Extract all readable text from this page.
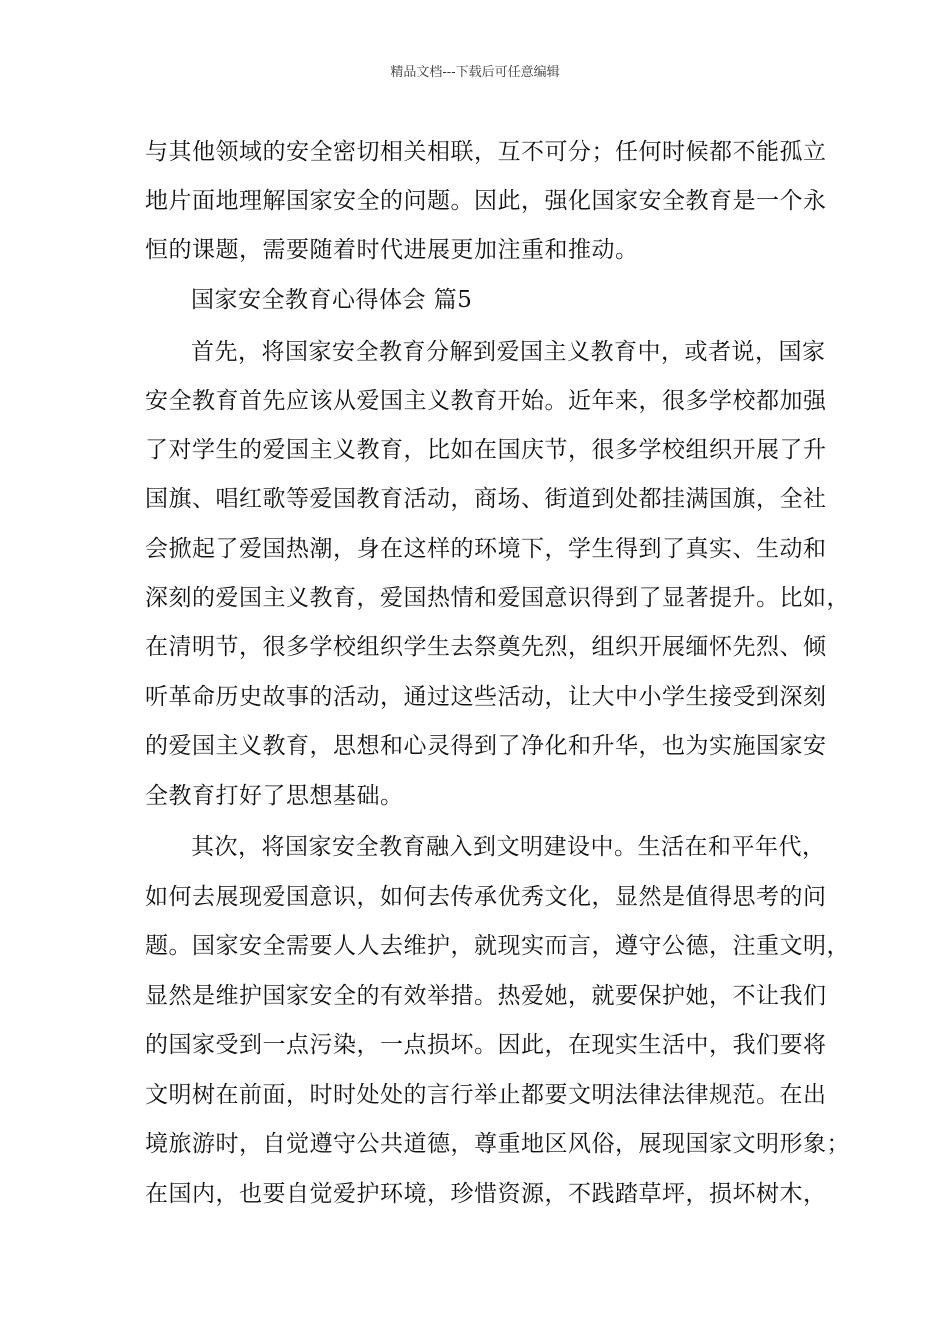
精品文档---下载后可任意编辑
与其他领域的安全密切相关相联，互不可分；任何时候都不能孤立
地片面地理解国家安全的问题。因此，强化国家安全教育是一个永
恒的课题，需要随着时代进展更加注重和推动。
国家安全教育心得体会 篇5
首先，将国家安全教育分解到爱国主义教育中，或者说，国家
安全教育首先应该从爱国主义教育开始。近年来，很多学校都加强
了对学生的爱国主义教育，比如在国庆节，很多学校组织开展了升
国旗、唱红歌等爱国教育活动，商场、街道到处都挂满国旗，全社
会掀起了爱国热潮，身在这样的环境下，学生得到了真实、生动和
深刻的爱国主义教育，爱国热情和爱国意识得到了显著提升。比如，
在清明节，很多学校组织学生去祭奠先烈，组织开展缅怀先烈、倾
听革命历史故事的活动，通过这些活动，让大中小学生接受到深刻
的爱国主义教育，思想和心灵得到了净化和升华，也为实施国家安
全教育打好了思想基础。
其次，将国家安全教育融入到文明建设中。生活在和平年代，
如何去展现爱国意识，如何去传承优秀文化，显然是值得思考的问
题。国家安全需要人人去维护，就现实而言，遵守公德，注重文明，
显然是维护国家安全的有效举措。热爱她，就要保护她，不让我们
的国家受到一点污染，一点损坏。因此，在现实生活中，我们要将
文明树在前面，时时处处的言行举止都要文明法律法律规范。在出
境旅游时，自觉遵守公共道德，尊重地区风俗，展现国家文明形象；
在国内，也要自觉爱护环境，珍惜资源，不践踏草坪，损坏树木，
